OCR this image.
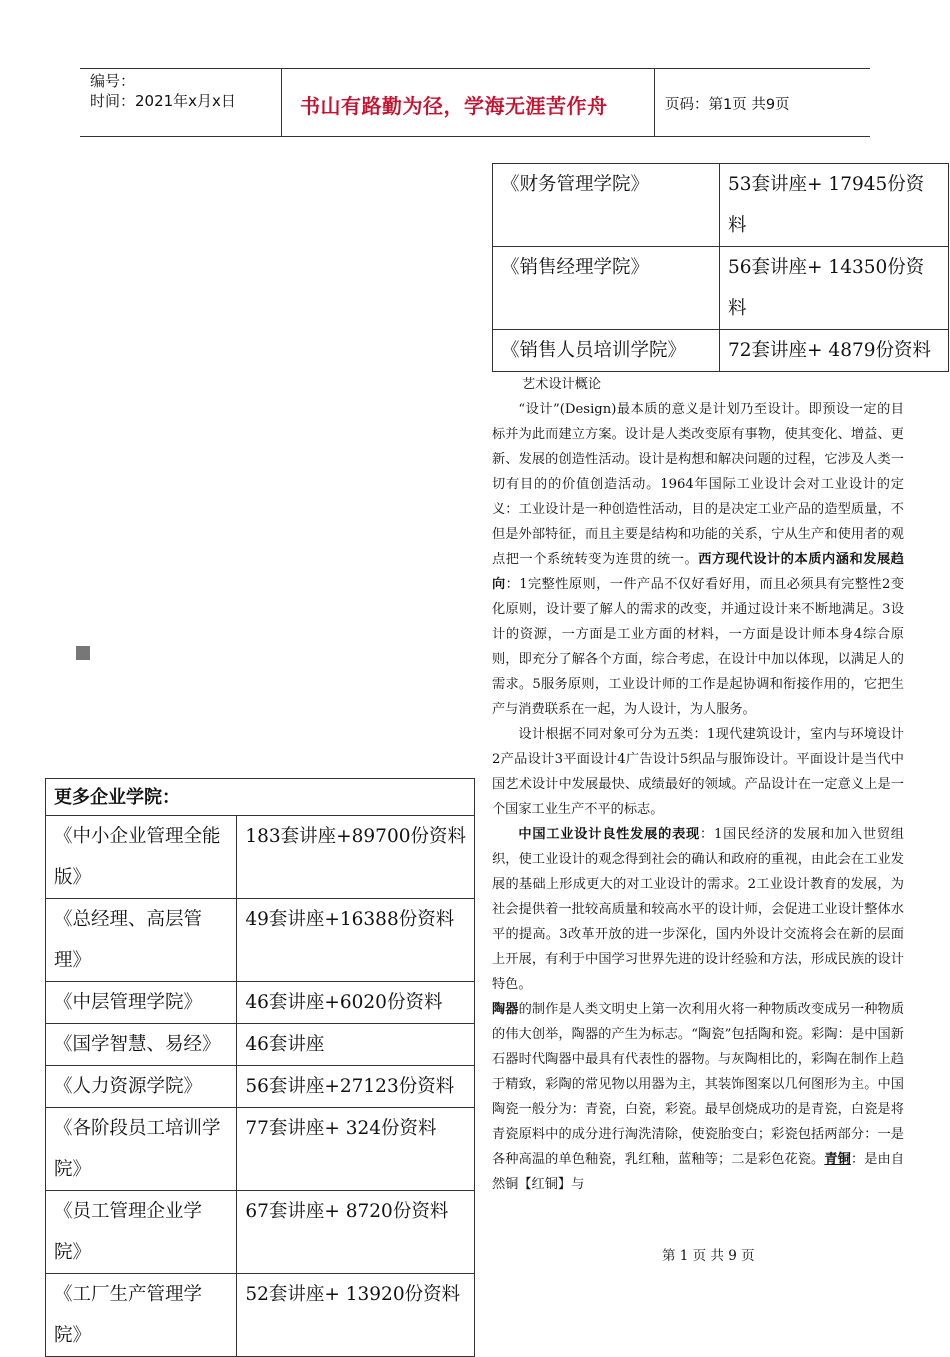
编号：
时间：2021年x月x日	书山有路勤为径，学海无涯苦作舟	页码：第1页 共9页
《财务管理学院》	53套讲座+ 17945份资料
《销售经理学院》	56套讲座+ 14350份资料
《销售人员培训学院》	72套讲座+ 4879份资料

艺术设计概论

“设计”(Design)最本质的意义是计划乃至设计。即预设一定的目标并为此而建立方案。设计是人类改变原有事物，使其变化、增益、更新、发展的创造性活动。设计是构想和解决问题的过程，它涉及人类一切有目的的价值创造活动。1964年国际工业设计会对工业设计的定义：工业设计是一种创造性活动，目的是决定工业产品的造型质量，不但是外部特征，而且主要是结构和功能的关系，宁从生产和使用者的观点把一个系统转变为连贯的统一。西方现代设计的本质内涵和发展趋向：1完整性原则，一件产品不仅好看好用，而且必须具有完整性2变化原则，设计要了解人的需求的改变，并通过设计来不断地满足。3设计的资源，一方面是工业方面的材料，一方面是设计师本身4综合原则，即充分了解各个方面，综合考虑，在设计中加以体现，以满足人的需求。5服务原则，工业设计师的工作是起协调和衔接作用的，它把生产与消费联系在一起，为人设计，为人服务。

设计根据不同对象可分为五类：1现代建筑设计，室内与环境设计2产品设计3平面设计4广告设计5织品与服饰设计。平面设计是当代中国艺术设计中发展最快、成绩最好的领域。产品设计在一定意义上是一个国家工业生产不平的标志。

中国工业设计良性发展的表现：1国民经济的发展和加入世贸组织，使工业设计的观念得到社会的确认和政府的重视，由此会在工业发展的基础上形成更大的对工业设计的需求。2工业设计教育的发展，为社会提供着一批较高质量和较高水平的设计师，会促进工业设计整体水平的提高。3改革开放的进一步深化，国内外设计交流将会在新的层面上开展，有利于中国学习世界先进的设计经验和方法，形成民族的设计特色。

陶器的制作是人类文明史上第一次利用火将一种物质改变成另一种物质的伟大创举，陶器的产生为标志。“陶瓷”包括陶和瓷。彩陶：是中国新石器时代陶器中最具有代表性的器物。与灰陶相比的，彩陶在制作上趋于精致，彩陶的常见物以用器为主，其装饰图案以几何图形为主。中国陶瓷一般分为：青瓷，白瓷，彩瓷。最早创烧成功的是青瓷，白瓷是将青瓷原料中的成分进行淘洗清除，使瓷胎变白；彩瓷包括两部分：一是各种高温的单色釉瓷，乳红釉，蓝釉等；二是彩色花瓷。青铜：是由自然铜【红铜】与

更多企业学院：	
《中小企业管理全能版》	183套讲座+89700份资料
《总经理、高层管理》	49套讲座+16388份资料
《中层管理学院》	46套讲座+6020份资料
《国学智慧、易经》	46套讲座
《人力资源学院》	56套讲座+27123份资料
《各阶段员工培训学院》	77套讲座+ 324份资料
《员工管理企业学院》	67套讲座+ 8720份资料
《工厂生产管理学院》	52套讲座+ 13920份资料
第 1 页 共 9 页
